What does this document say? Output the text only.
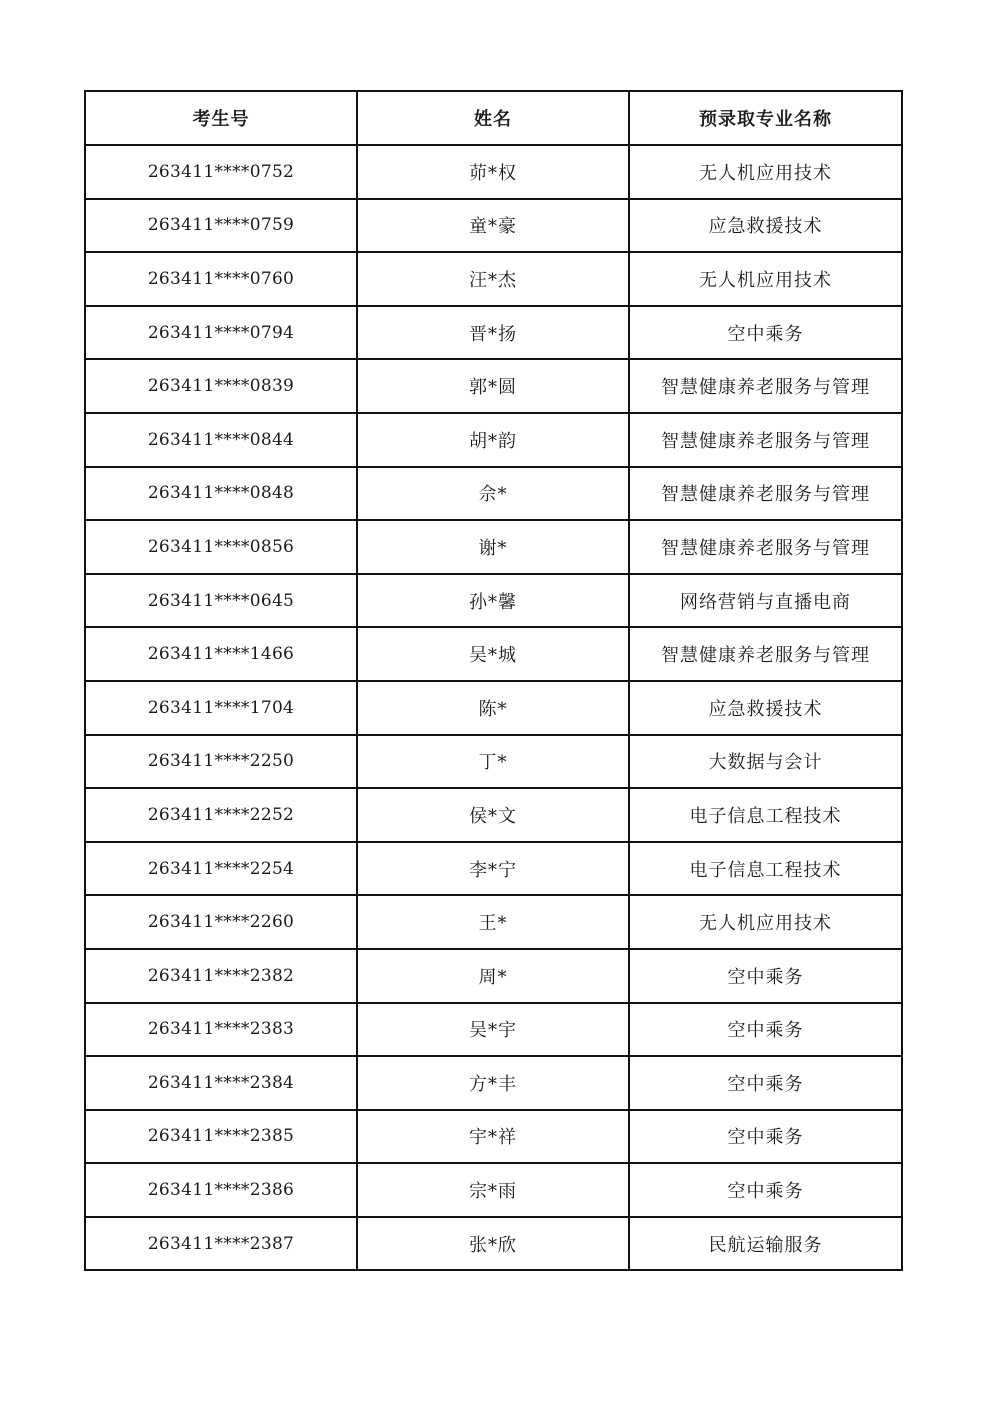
考生号	姓名	预录取专业名称
263411****0752	茆*权	无人机应用技术
263411****0759	童*豪	应急救援技术
263411****0760	汪*杰	无人机应用技术
263411****0794	晋*扬	空中乘务
263411****0839	郭*圆	智慧健康养老服务与管理
263411****0844	胡*韵	智慧健康养老服务与管理
263411****0848	佘*	智慧健康养老服务与管理
263411****0856	谢*	智慧健康养老服务与管理
263411****0645	孙*馨	网络营销与直播电商
263411****1466	吴*城	智慧健康养老服务与管理
263411****1704	陈*	应急救援技术
263411****2250	丁*	大数据与会计
263411****2252	侯*文	电子信息工程技术
263411****2254	李*宁	电子信息工程技术
263411****2260	王*	无人机应用技术
263411****2382	周*	空中乘务
263411****2383	吴*宇	空中乘务
263411****2384	方*丰	空中乘务
263411****2385	宇*祥	空中乘务
263411****2386	宗*雨	空中乘务
263411****2387	张*欣	民航运输服务
